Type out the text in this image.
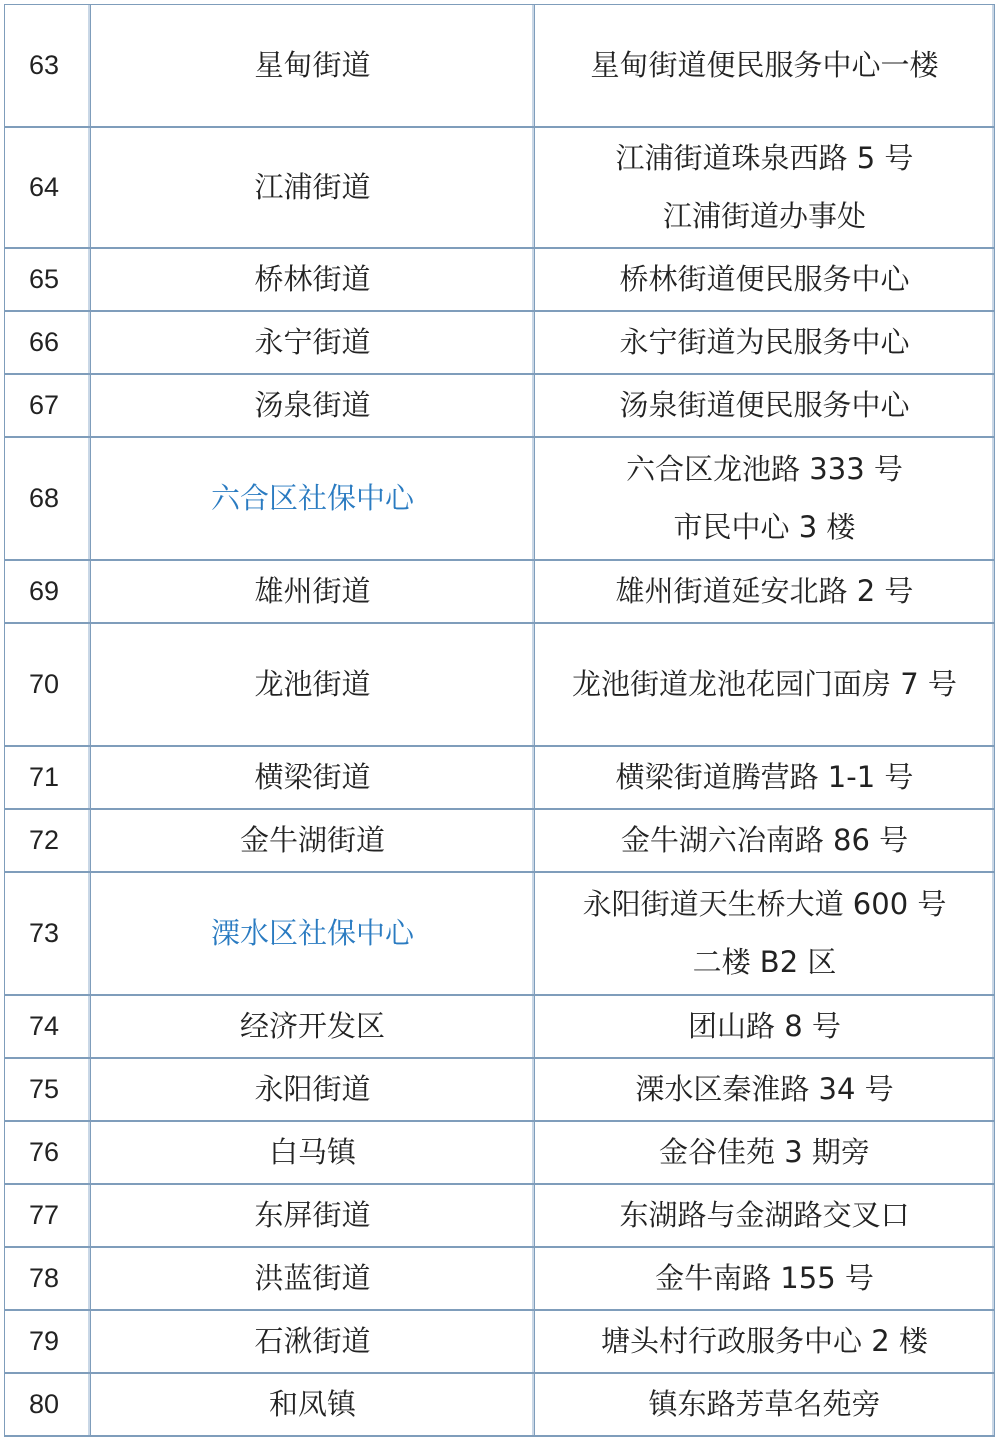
63	星甸街道	星甸街道便民服务中心一楼

64	江浦街道	江浦街道珠泉西路 5 号
江浦街道办事处

65	桥林街道	桥林街道便民服务中心

66	永宁街道	永宁街道为民服务中心

67	汤泉街道	汤泉街道便民服务中心

68	六合区社保中心	六合区龙池路 333 号
市民中心 3 楼

69	雄州街道	雄州街道延安北路 2 号

70	龙池街道	龙池街道龙池花园门面房 7 号

71	横梁街道	横梁街道腾营路 1-1 号

72	金牛湖街道	金牛湖六冶南路 86 号

73	溧水区社保中心	永阳街道天生桥大道 600 号
二楼 B2 区

74	经济开发区	团山路 8 号

75	永阳街道	溧水区秦淮路 34 号

76	白马镇	金谷佳苑 3 期旁

77	东屏街道	东湖路与金湖路交叉口

78	洪蓝街道	金牛南路 155 号

79	石湫街道	塘头村行政服务中心 2 楼

80	和凤镇	镇东路芳草名苑旁
